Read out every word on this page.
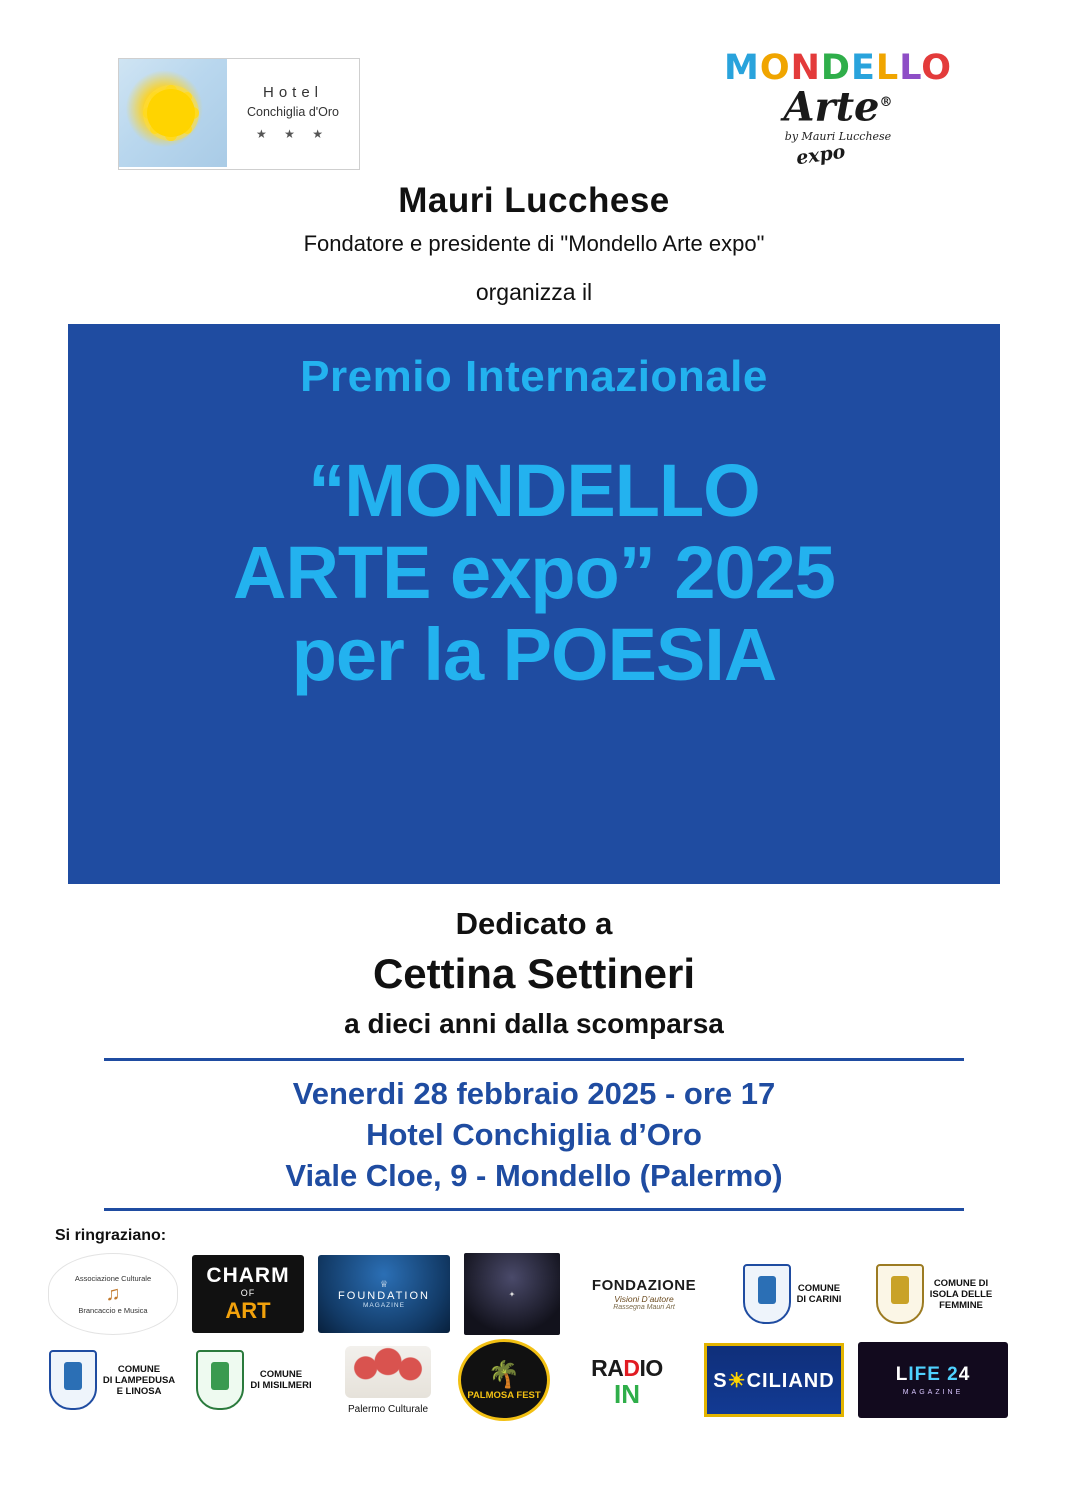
Hotel
Conchiglia d'Oro
★ ★ ★
MONDELLO
Arte®
expo
by Mauri Lucchese
Mauri Lucchese
Fondatore e presidente di "Mondello Arte expo"
organizza il
Premio Internazionale
“MONDELLO
ARTE expo” 2025
per la POESIA
Dedicato a
Cettina Settineri
a dieci anni dalla scomparsa
Venerdi 28 febbraio 2025 - ore 17
Hotel Conchiglia d’Oro
Viale Cloe, 9 - Mondello (Palermo)
Si ringraziano:
Associazione Culturale
♫
Brancaccio e Musica
CHARM
OF
ART
♕
FOUNDATION
MAGAZINE
✦	FONDAZIONE
Visioni D’autore
Rassegna Mauri Art
COMUNE
DI CARINI
COMUNE DI
ISOLA DELLE
FEMMINE
COMUNE
DI LAMPEDUSA
E LINOSA
COMUNE
DI MISILMERI
Palermo Culturale
🌴
PALMOSA FEST
RADIO
IN	S☀CILIAND	LIFE 24
MAGAZINE
